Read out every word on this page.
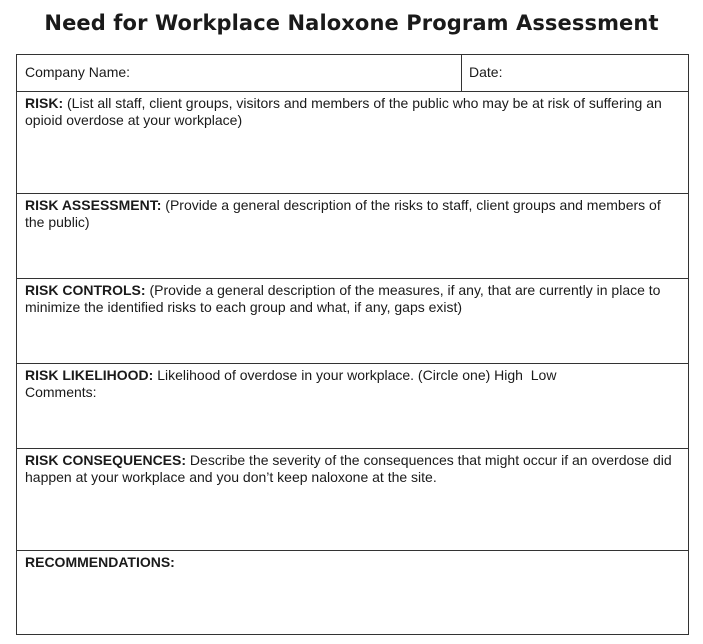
Need for Workplace Naloxone Program Assessment
Company Name:	Date:
RISK: (List all staff, client groups, visitors and members of the public who may be at risk of suffering an opioid overdose at your workplace)
RISK ASSESSMENT: (Provide a general description of the risks to staff, client groups and members of the public)
RISK CONTROLS: (Provide a general description of the measures, if any, that are currently in place to minimize the identified risks to each group and what, if any, gaps exist)
RISK LIKELIHOOD: Likelihood of overdose in your workplace. (Circle one) High  Low
Comments:
RISK CONSEQUENCES: Describe the severity of the consequences that might occur if an overdose did happen at your workplace and you don’t keep naloxone at the site.
RECOMMENDATIONS:
